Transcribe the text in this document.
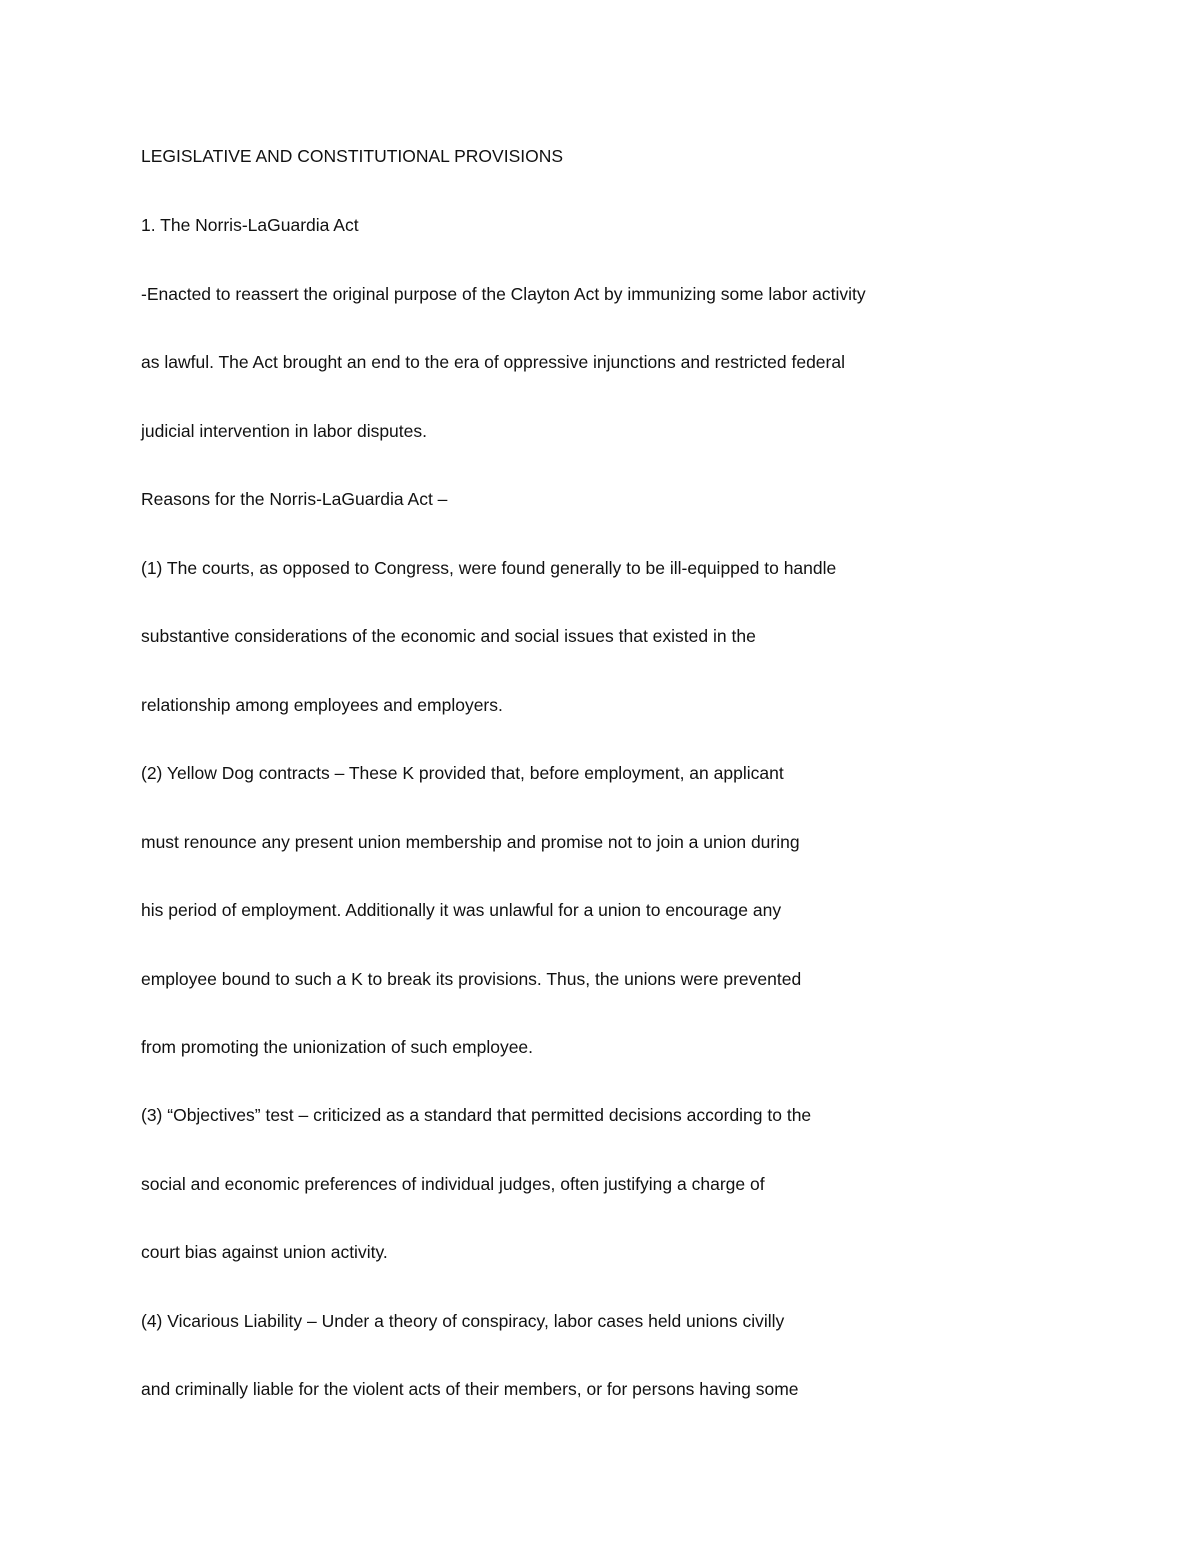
LEGISLATIVE AND CONSTITUTIONAL PROVISIONS

1. The Norris-LaGuardia Act

-Enacted to reassert the original purpose of the Clayton Act by immunizing some labor activity

as lawful. The Act brought an end to the era of oppressive injunctions and restricted federal

judicial intervention in labor disputes.

Reasons for the Norris-LaGuardia Act –

(1) The courts, as opposed to Congress, were found generally to be ill-equipped to handle

substantive considerations of the economic and social issues that existed in the

relationship among employees and employers.

(2) Yellow Dog contracts – These K provided that, before employment, an applicant

must renounce any present union membership and promise not to join a union during

his period of employment. Additionally it was unlawful for a union to encourage any

employee bound to such a K to break its provisions. Thus, the unions were prevented

from promoting the unionization of such employee.

(3) “Objectives” test – criticized as a standard that permitted decisions according to the

social and economic preferences of individual judges, often justifying a charge of

court bias against union activity.

(4) Vicarious Liability – Under a theory of conspiracy, labor cases held unions civilly

and criminally liable for the violent acts of their members, or for persons having some
